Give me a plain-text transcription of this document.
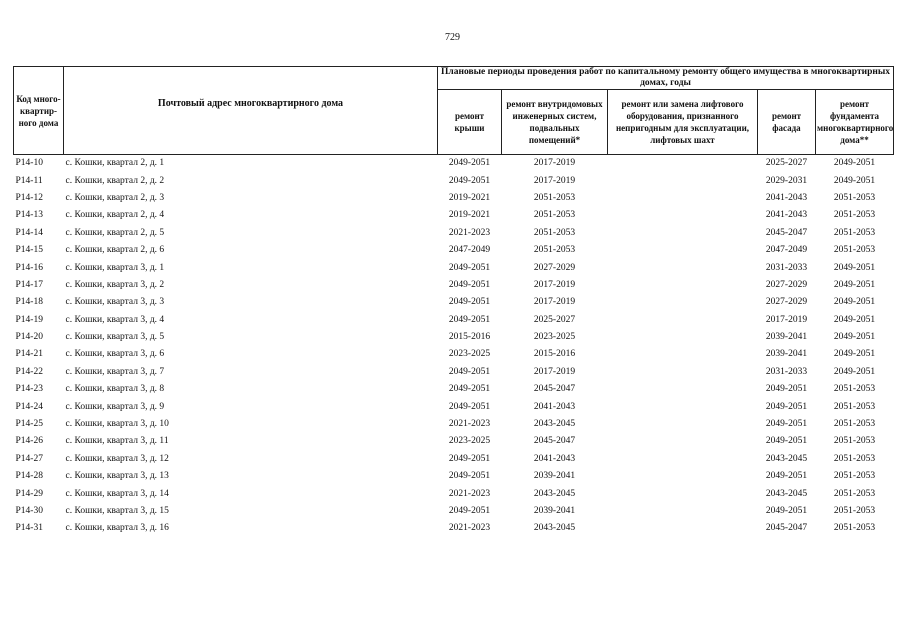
729
Код много-квартир-ного дома	Почтовый адрес многоквартирного дома	Плановые периоды проведения работ по капитальному ремонту общего имущества в многоквартирных домах, годы				
		ремонт крыши	ремонт внутридомовых инженерных систем, подвальных помещений*	ремонт или замена лифтового оборудования, признанного непригодным для эксплуатации, лифтовых шахт	ремонт фасада	ремонт фундамента многоквартирного дома**
P14-10	с. Кошки, квартал 2, д. 1	2049-2051	2017-2019		2025-2027	2049-2051
P14-11	с. Кошки, квартал 2, д. 2	2049-2051	2017-2019		2029-2031	2049-2051
P14-12	с. Кошки, квартал 2, д. 3	2019-2021	2051-2053		2041-2043	2051-2053
P14-13	с. Кошки, квартал 2, д. 4	2019-2021	2051-2053		2041-2043	2051-2053
P14-14	с. Кошки, квартал 2, д. 5	2021-2023	2051-2053		2045-2047	2051-2053
P14-15	с. Кошки, квартал 2, д. 6	2047-2049	2051-2053		2047-2049	2051-2053
P14-16	с. Кошки, квартал 3, д. 1	2049-2051	2027-2029		2031-2033	2049-2051
P14-17	с. Кошки, квартал 3, д. 2	2049-2051	2017-2019		2027-2029	2049-2051
P14-18	с. Кошки, квартал 3, д. 3	2049-2051	2017-2019		2027-2029	2049-2051
P14-19	с. Кошки, квартал 3, д. 4	2049-2051	2025-2027		2017-2019	2049-2051
P14-20	с. Кошки, квартал 3, д. 5	2015-2016	2023-2025		2039-2041	2049-2051
P14-21	с. Кошки, квартал 3, д. 6	2023-2025	2015-2016		2039-2041	2049-2051
P14-22	с. Кошки, квартал 3, д. 7	2049-2051	2017-2019		2031-2033	2049-2051
P14-23	с. Кошки, квартал 3, д. 8	2049-2051	2045-2047		2049-2051	2051-2053
P14-24	с. Кошки, квартал 3, д. 9	2049-2051	2041-2043		2049-2051	2051-2053
P14-25	с. Кошки, квартал 3, д. 10	2021-2023	2043-2045		2049-2051	2051-2053
P14-26	с. Кошки, квартал 3, д. 11	2023-2025	2045-2047		2049-2051	2051-2053
P14-27	с. Кошки, квартал 3, д. 12	2049-2051	2041-2043		2043-2045	2051-2053
P14-28	с. Кошки, квартал 3, д. 13	2049-2051	2039-2041		2049-2051	2051-2053
P14-29	с. Кошки, квартал 3, д. 14	2021-2023	2043-2045		2043-2045	2051-2053
P14-30	с. Кошки, квартал 3, д. 15	2049-2051	2039-2041		2049-2051	2051-2053
P14-31	с. Кошки, квартал 3, д. 16	2021-2023	2043-2045		2045-2047	2051-2053
